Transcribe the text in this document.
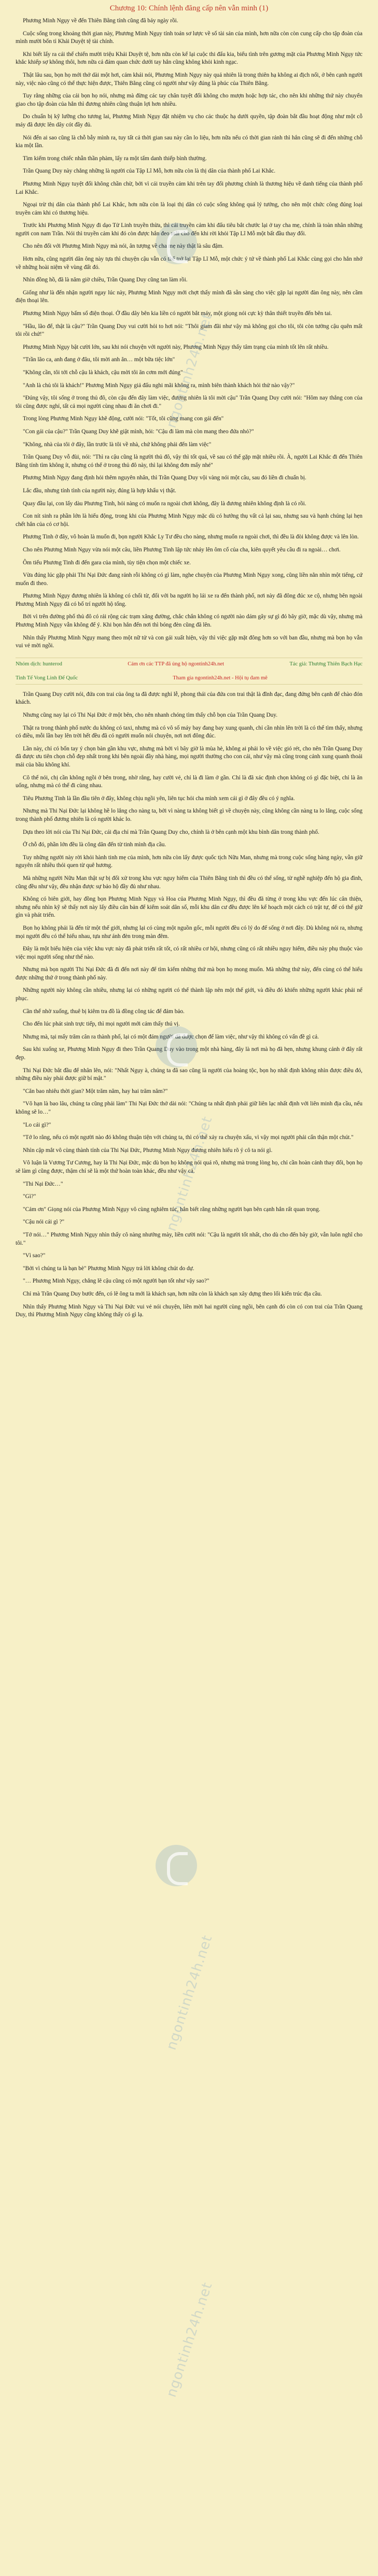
Chương 10: Chính lệnh đăng cấp nên vẫn minh (1)

Phương Minh Ngụy về đến Thiên Bằng tính cũng đã bảy ngày rồi.

Cuộc sống trong khoảng thời gian này, Phương Minh Ngụy tính toán sơ lược về số tài sản của mình, hơn nữa còn còn cung cấp cho tập đoàn của mình mười bốn tỉ Khải Duyệt tệ tài chính.

Khi biết lấy ra cái thế chiến mười triệu Khải Duyệt tệ, hơn nữa còn kể lại cuộc thi đấu kia, biểu tình trên gương mặt của Phương Minh Ngụy tức khắc khiếp sợ không thôi, hơn nữa cả đám quan chức dưới tay hắn cũng không khỏi kinh ngạc.

Thật lâu sau, bọn họ mới thở dài một hơi, cảm khái nói, Phương Minh Ngụy này quả nhiên là trong thiên hạ không ai địch nổi, ở bên cạnh người này, việc nào cũng có thể thực hiện được, Thiên Bằng cũng có người như vậy đúng là phúc của Thiên Bằng.

Tuy rằng những của cải bọn họ nói, nhưng mà đừng các tay chân tuyệt đối không cho mượn hoặc hợp tác, cho nên khi những thứ này chuyển giao cho tập đoàn của hắn thì đương nhiên cũng thuận lợi hơn nhiều.

Do chuẩn bị kỹ lưỡng cho tương lai, Phương Minh Ngụy đặt nhiệm vụ cho các thuộc hạ dưới quyền, tập đoàn bắt đầu hoạt động như một cỗ máy đã được lên dây cót đầy đủ.

Nói đến ai sao cũng là chỗ bẫy mình ra, tuy tất cả thời gian sau này cần lo liệu, hơn nữa nếu có thời gian rảnh thì hắn cũng sẽ đi đến những chỗ kia một lần.

Tìm kiếm trong chiếc nhẫn thần phàm, lấy ra một tấm danh thiếp bình thường.

Trần Quang Duy này chẳng những là người của Tập Lĩ Mỗ, hơn nữa còn là thị dân của thành phố Lai Khắc.

Phương Minh Ngụy tuyệt đối không chần chừ, bởi vì cái truyền cảm khi trên tay đối phương chính là thương hiệu về danh tiếng của thành phố Lai Khắc.

Ngoại trừ thị dân của thành phố Lai Khắc, hơn nữa còn là loại thị dân có cuộc sống không quá lý tưởng, cho nên một chức công đúng loại truyền cảm khi có thương hiệu.

Trước khi Phương Minh Ngụy đi dạo Tử Linh truyền thừa, thì cái truyền cảm khi đấu tiêu bắt chước lại ở tay cha mẹ, chính là toàn nhân những người con nam Trần. Nói thì truyền cảm khi đó còn được hắn đeo mãi cho đến khi rời khỏi Tập Lĩ Mỗ một bất đầu thay đổi.

Cho nên đối với Phương Minh Ngụy mà nói, ân tượng về cha mẹ này thật là sâu đậm.

Hơn nữa, cũng người dân ông này tựa thì chuyện cậu vẫn có thể trở lại Tập Lĩ Mỗ, một chức ý tứ về thành phố Lai Khắc cùng gọi cho hắn nhớ về những hoài niệm về vùng đất đó.

Nhìn đồng hồ, đã là năm giờ chiều, Trần Quang Duy cũng tan làm rồi.

Giống như là đến nhận người ngay lúc này, Phương Minh Ngụy mới chợt thấy mình đã sẵn sàng cho việc gặp lại người đàn ông này, nên cầm điện thoại lên.

Phương Minh Ngụy bấm số điện thoại. Ở đầu dây bên kia liền có người bắt máy, một giọng nói cực kỳ thân thiết truyền đến bên tai.

"Hầu, lão để, thật là cậu?" Trần Quang Duy vui cười hỏi to hơi nói: "Thôi giam đãi như vậy mà không gọi cho tôi, tôi còn tưởng cậu quên mất tôi rồi chứ!"

Phương Minh Ngụy bật cười lớn, sau khi nói chuyện với người này, Phương Minh Ngụy thấy tâm trạng của mình tốt lên rất nhiều.

"Trần lão ca, anh đang ở đâu, tôi mời anh ăn… một bữa tiệc lớn"

"Không cần, tôi tới chỗ cậu là khách, cậu mời tôi ăn cơm mới đúng"

"Anh là chủ tôi là khách!" Phương Minh Ngụy giả đấu nghi mãi không ra, mình biên thành khách hỏi thử nào vậy?"

"Đúng vậy, tôi sống ở trong thủ đô, còn cậu đến đây làm việc, đương nhiên là tôi mời cậu" Trần Quang Duy cười nói: "Hôm nay thắng con của tôi cũng được nghỉ, tất cả mọi người cùng nhau đi ăn chơi đi."

Trong lòng Phương Minh Ngụy khẽ động, cười nói: "Tốt, tôi cũng mang con gái đến"

"Con gái của cậu?" Trần Quang Duy khẽ giật mình, hỏi: "Cậu đi làm mà còn mang theo đứa nhỏ?"

"Không, nhà của tôi ở đây, lần trước là tôi về nhà, chứ không phải đến làm việc"

Trần Quang Duy vỗ đùi, nói: "Thì ra cậu cũng là người thủ đô, vậy thì tốt quá, về sau có thể gặp mặt nhiều rồi. À, người Lai Khắc đi đến Thiên Bằng tính tìm không ít, nhưng có thể ở trong thủ đô này, thì lại không đơn mấy nhé"

Phương Minh Ngụy đang định hỏi thêm nguyên nhân, thì Trần Quang Duy vội vàng nói một câu, sau đó liền đi chuẩn bị.

Lắc đầu, nhưng tính tình của người này, đúng là hợp khẩu vị thật.

Quay đầu lại, con lấy dàu Phương Tinh, hỏi nàng có muốn ra ngoài chơi không, đây là đương nhiên không định là có rồi.

Con nít sinh ra phần lớn là hiếu động, trong khi của Phương Minh Ngụy mặc dù có hướng thụ vất cả lại sau, nhưng sau và hạnh chúng lại hẹn chết hắn của có cơ hội.

Phương Tinh ở đây, vô hoàn là muốn đi, bọn người Khắc Ly Tư đều cho nàng, nhưng muốn ra ngoài chơi, thì đều là đòi không được và lên lòn.

Cho nên Phương Minh Ngụy vừa nói một câu, liền Phương Tinh lập tức nhảy lên ôm cổ của cha, kiên quyết yêu cầu đi ra ngoài… chơi.

Ôm tiểu Phương Tinh đi đến gara của mình, tùy tiện chọn một chiếc xe.

Vừa đúng lúc gặp phải Thi Nại Đức đang rảnh rỗi không có gì làm, nghe chuyện của Phương Minh Ngụy xong, cũng liền nằn nhìn một tiếng, cứ muốn đi theo.

Phương Minh Ngụy đương nhiên là không có chối từ, đối với ba người họ lái xe ra đến thành phố, nơi này đã đông đúc xe cộ, nhưng bên ngoài Phương Minh Ngụy đã có bố trí người hộ tống.

Bởi vì trên đường phố thủ đô có rải rộng các trạm xăng đường, chắc chắn không có người nào dám gây sự gì đó bây giờ, mặc dù vậy, nhưng mà Phương Minh Ngụy vẫn không để ý. Khi bọn hắn đến nơi thì bóng đèn cũng đã lên.

Nhìn thấy Phương Minh Ngụy mang theo một nữ tử và con gái xuất hiện, vậy thì việc gặp mặt đông hơn so với ban đầu, nhưng mà bọn họ vẫn vui vẻ mời ngồi.

Nhóm dịch: hunterod	Cảm ơn các TTP đã ủng hộ ngontinh24h.net	Tác giả: Thương Thiên Bạch Hạc
Tinh Tế Vong Linh Đế Quốc	Tham gia ngontinh24h.net - Hội tụ đam mê

Trần Quang Duy cười nói, đứa con trai của ông ta đã được nghỉ lễ, phong thái của đứa con trai thật là đĩnh đạc, đang đứng bên cạnh để chào đón khách.

Nhưng cũng nay lại có Thi Nại Đức ở một bên, cho nên nhanh chóng tìm thấy chỗ bọn của Trần Quang Duy.

Thật ra trong thành phố nước du không có taxi, nhưng mà có vô số máy bay đang bay xung quanh, chỉ cần nhìn lên trời là có thể tìm thấy, nhưng có điều, mỗi lần bay lên trời hết đều đã có người muốn nói chuyện, nơi nơi đông đúc.

Lần này, chỉ có bốn tay ý chọn bàn gần khu vực, nhưng mà bởi vì bây giờ là mùa hè, không ai phải lo về việc gió rét, cho nên Trần Quang Duy đã được ưu tiên chọn chỗ đẹp nhất trong khi bên ngoài đầy nhà hàng, mọi người thường cho con cái, như vậy mà cũng trong cảnh xung quanh thoải mái của bầu không khí.

Cô thể nói, chị cần không ngồi ở bên trong, nhờ rằng, hay cười vẻ, chỉ là đi làm ở gần. Chỉ là đã xác định chọn không có gì đặc biệt, chỉ là ăn uống, nhưng mà có thể đi cùng nhau.

Tiêu Phương Tinh là lần đầu tiên ở đây, không chịu ngồi yên, liên tục hỏi cha mình xem cái gì ở đây đều có ý nghĩa.

Nhưng mà Thi Nại Đức lại không hề lo lắng cho nàng ta, bởi vì nàng ta không biết gì về chuyện này, cũng không cần nàng ta lo lắng, cuộc sống trong thành phố đương nhiên là có người khác lo.

Dựa theo lời nói của Thi Nại Đức, cái địa chỉ mà Trần Quang Duy cho, chính là ở bên cạnh một khu bình dân trong thành phố.

Ở chỗ đó, phần lớn đều là công dân đến từ tinh mình địa cầu.

Tuy những người này rời khỏi hành tinh mẹ của mình, hơn nữa còn lấy được quốc tịch Nữu Man, nhưng mà trong cuộc sống hàng ngày, vẫn giữ nguyên rất nhiều thói quen từ quê hương.

Mà những người Nữu Man thật sự bị đối xử trong khu vực nguy hiểm của Thiên Bằng tinh thì đều có thể sống, từ nghề nghiệp đến hộ gia đình, cũng đều như vậy, đều nhận được sự bảo hộ đầy đủ như nhau.

Không có biên giới, hay đồng bọn Phương Minh Ngụy và Hoa của Phương Minh Ngụy, thì đều đã từng ở trong khu vực đến lúc cân thiện, nhưng nếu nhìn kỹ sẽ thấy nơi này lấy điều căn bản để kiểm soát dân số, mỗi khu dân cư đều được lên kế hoạch một cách có trật tự, để có thể giữ gìn và phát triển.

Bọn họ không phải là đến từ một thế giới, nhưng lại có cùng một nguồn gốc, mỗi người đều có lý do để sống ở nơi đây. Dù không nói ra, nhưng mọi người đều có thể hiểu nhau, tựa như ánh đèn trong màn đêm.

Đây là một biểu hiện của việc khu vực này đã phát triển rất tốt, có rất nhiều cơ hội, nhưng cũng có rất nhiều nguy hiểm, điều này phụ thuộc vào việc mọi người sống như thế nào.

Nhưng mà bọn người Thi Nại Đức đã đi đến nơi này để tìm kiếm những thứ mà bọn họ mong muốn. Mà những thứ này, đến cùng có thể hiểu được những thứ ở trong thành phố này.

Những người này không cần nhiều, nhưng lại có những người có thể thành lập nên một thế giới, và điều đó khiến những người khác phải nể phục.

Cần thể nhờ xuống, thuê bị kiêm tra đồ là đồng công tác để đảm bảo.

Cho đến lúc phát sinh trực tiếp, thì mọi người mới cảm thấy thú vị.

Nhưng mà, tại mấy trăm cân ra thành phố, lại có một đám người đã được chọn để làm việc, như vậy thì không có vấn đề gì cả.

Sau khi xuống xe, Phương Minh Ngụy đi theo Trần Quang Duy vào trong một nhà hàng, đây là nơi mà họ đã hẹn, nhưng khung cảnh ở đây rất đẹp.

Thi Nại Đức bắt đầu để nhân lên, nói: "Nhất Ngụy à, chúng ta đã sao cũng là người của hoàng tộc, bọn họ nhất định không nhìn được điều đó, những điều này phải được giữ bí mật."

"Căn bao nhiêu thời gian? Một trăm năm, hay hai trăm năm?"

"Vô hạn là bao lâu, chúng ta cũng phải làm" Thi Nại Đức thở dài nói: "Chúng ta nhất định phải giữ liên lạc nhất định với liên minh địa cầu, nếu không sẽ lo…"

"Lo cái gì?"

"Tớ lo rằng, nếu có một người nào đó không thuận tiện với chúng ta, thì có thể xảy ra chuyện xấu, vì vậy mọi người phải cẩn thận một chút."

Nhìn cập mắt vô cùng thành tính của Thi Nại Đức, Phương Minh Ngụy đương nhiên hiểu rõ ý cô ta nói gì.

Vô luận là Vương Tư Cương, hay là Thi Nại Đức, mặc dù bọn họ không nói quá rõ, nhưng mà trong lòng họ, chỉ cần hoàn cảnh thay đổi, bọn họ sẽ làm gì cũng được, thậm chí sẽ là một thứ hoàn toàn khác, đều như vậy cả.

"Thi Nại Đức…"

"Gì?"

"Cảm ơn" Giọng nói của Phương Minh Ngụy vô cùng nghiêm túc, hắn biết rằng những người bạn bên cạnh hắn rất quan trọng.

"Cậu nói cái gì ?"

"Tớ nói…" Phương Minh Ngụy nhìn thấy cô nàng nhướng mày, liền cười nói: "Cậu là người tốt nhất, cho dù cho đến bây giờ, vẫn luôn nghĩ cho tôi."

"Vì sao?"

"Bởi vì chúng ta là bạn bè" Phương Minh Ngụy trả lời không chút do dự.

"… Phương Minh Ngụy, chẳng lẽ cậu cũng có một người bạn tốt như vậy sao?"

Chỉ mà Trần Quang Duy bước đến, có lẽ ông ta mới là khách sạn, hơn nữa còn là khách sạn xây dựng theo lối kiến trúc địa cầu.

Nhìn thấy Phương Minh Ngụy và Thi Nại Đức vui vẻ nói chuyện, liền mời hai người cùng ngồi, bên cạnh đó còn có con trai của Trần Quang Duy, thì Phương Minh Ngụy cũng không thấy có gì lạ.

ngontinh24h.net
ngontinh24h.net
ngontinh24h.net
ngontinh24h.net
